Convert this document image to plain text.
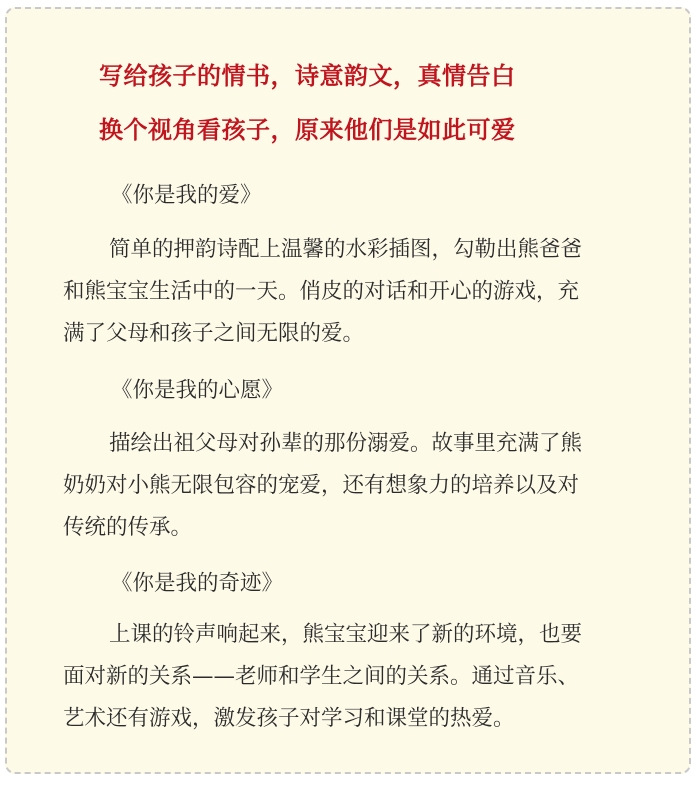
写给孩子的情书，诗意韵文，真情告白
换个视角看孩子，原来他们是如此可爱
《你是我的爱》
简单的押韵诗配上温馨的水彩插图，勾勒出熊爸爸
和熊宝宝生活中的一天。俏皮的对话和开心的游戏，充
满了父母和孩子之间无限的爱。
《你是我的心愿》
描绘出祖父母对孙辈的那份溺爱。故事里充满了熊
奶奶对小熊无限包容的宠爱，还有想象力的培养以及对
传统的传承。
《你是我的奇迹》
上课的铃声响起来，熊宝宝迎来了新的环境，也要
面对新的关系——老师和学生之间的关系。通过音乐、
艺术还有游戏，激发孩子对学习和课堂的热爱。
